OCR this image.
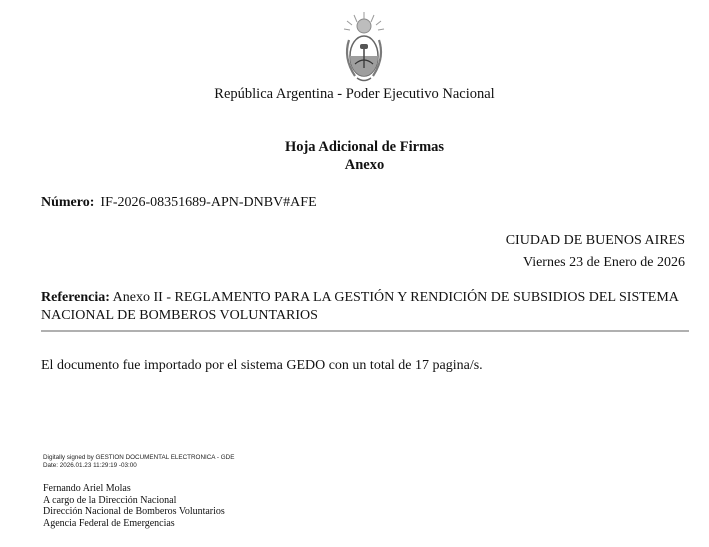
República Argentina - Poder Ejecutivo Nacional
Hoja Adicional de Firmas
Anexo
Número: IF-2026-08351689-APN-DNBV#AFE
CIUDAD DE BUENOS AIRES
Viernes 23 de Enero de 2026
Referencia: Anexo II - REGLAMENTO PARA LA GESTIÓN Y RENDICIÓN DE SUBSIDIOS DEL SISTEMA NACIONAL DE BOMBEROS VOLUNTARIOS
El documento fue importado por el sistema GEDO con un total de 17 pagina/s.
Digitally signed by GESTION DOCUMENTAL ELECTRONICA - GDE
Date: 2026.01.23 11:29:19 -03:00
Fernando Ariel Molas
A cargo de la Dirección Nacional
Dirección Nacional de Bomberos Voluntarios
Agencia Federal de Emergencias
